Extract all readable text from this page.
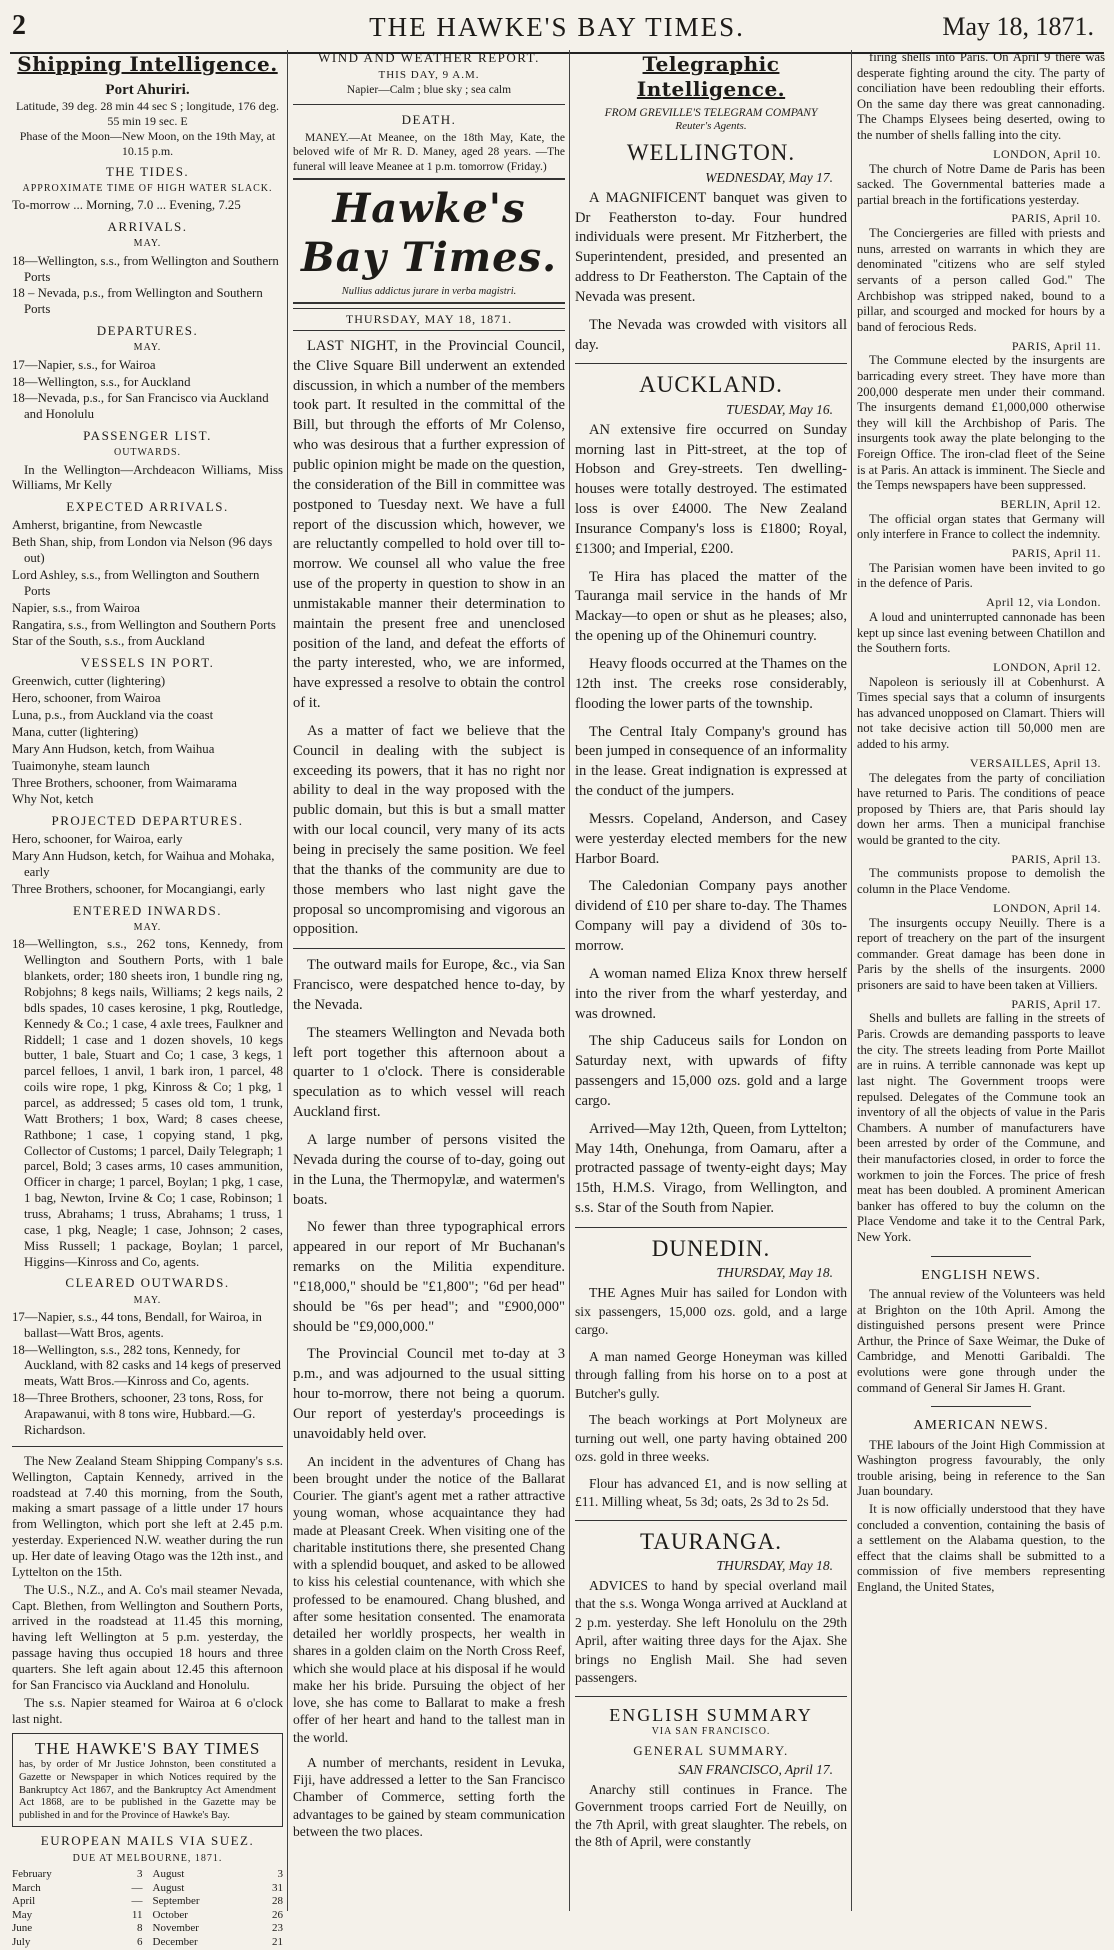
2	THE HAWKE'S BAY TIMES.	May 18, 1871.
Shipping Intelligence.
Port Ahuriri.
Latitude, 39 deg. 28 min 44 sec S ; longitude, 176 deg. 55 min 19 sec. E
Phase of the Moon—New Moon, on the 19th May, at 10.15 p.m.
THE TIDES.
APPROXIMATE TIME OF HIGH WATER SLACK.
To-morrow ... Morning, 7.0 ... Evening, 7.25
ARRIVALS.
MAY.
18—Wellington, s.s., from Wellington and Southern Ports
18 – Nevada, p.s., from Wellington and Southern Ports
DEPARTURES.
MAY.
17—Napier, s.s., for Wairoa
18—Wellington, s.s., for Auckland
18—Nevada, p.s., for San Francisco via Auckland and Honolulu
PASSENGER LIST.
OUTWARDS.
In the Wellington—Archdeacon Williams, Miss Williams, Mr Kelly
EXPECTED ARRIVALS.
Amherst, brigantine, from Newcastle
Beth Shan, ship, from London via Nelson (96 days out)
Lord Ashley, s.s., from Wellington and Southern Ports
Napier, s.s., from Wairoa
Rangatira, s.s., from Wellington and Southern Ports
Star of the South, s.s., from Auckland
VESSELS IN PORT.
Greenwich, cutter (lightering)
Hero, schooner, from Wairoa
Luna, p.s., from Auckland via the coast
Mana, cutter (lightering)
Mary Ann Hudson, ketch, from Waihua
Tuaimonyhe, steam launch
Three Brothers, schooner, from Waimarama
Why Not, ketch
PROJECTED DEPARTURES.
Hero, schooner, for Wairoa, early
Mary Ann Hudson, ketch, for Waihua and Mohaka, early
Three Brothers, schooner, for Mocangiangi, early
ENTERED INWARDS.
MAY.
18—Wellington, s.s., 262 tons, Kennedy, from Wellington and Southern Ports, with 1 bale blankets, order; 180 sheets iron, 1 bundle ring ng, Robjohns; 8 kegs nails, Williams; 2 kegs nails, 2 bdls spades, 10 cases kerosine, 1 pkg, Routledge, Kennedy & Co.; 1 case, 4 axle trees, Faulkner and Riddell; 1 case and 1 dozen shovels, 10 kegs butter, 1 bale, Stuart and Co; 1 case, 3 kegs, 1 parcel felloes, 1 anvil, 1 bark iron, 1 parcel, 48 coils wire rope, 1 pkg, Kinross & Co; 1 pkg, 1 parcel, as addressed; 5 cases old tom, 1 trunk, Watt Brothers; 1 box, Ward; 8 cases cheese, Rathbone; 1 case, 1 copying stand, 1 pkg, Collector of Customs; 1 parcel, Daily Telegraph; 1 parcel, Bold; 3 cases arms, 10 cases ammunition, Officer in charge; 1 parcel, Boylan; 1 pkg, 1 case, 1 bag, Newton, Irvine & Co; 1 case, Robinson; 1 truss, Abrahams; 1 truss, Abrahams; 1 truss, 1 case, 1 pkg, Neagle; 1 case, Johnson; 2 cases, Miss Russell; 1 package, Boylan; 1 parcel, Higgins—Kinross and Co, agents.
CLEARED OUTWARDS.
MAY.
17—Napier, s.s., 44 tons, Bendall, for Wairoa, in ballast—Watt Bros, agents.
18—Wellington, s.s., 282 tons, Kennedy, for Auckland, with 82 casks and 14 kegs of preserved meats, Watt Bros.—Kinross and Co, agents.
18—Three Brothers, schooner, 23 tons, Ross, for Arapawanui, with 8 tons wire, Hubbard.—G. Richardson.
The New Zealand Steam Shipping Company's s.s. Wellington, Captain Kennedy, arrived in the roadstead at 7.40 this morning, from the South, making a smart passage of a little under 17 hours from Wellington, which port she left at 2.45 p.m. yesterday. Experienced N.W. weather during the run up. Her date of leaving Otago was the 12th inst., and Lyttelton on the 15th.
The U.S., N.Z., and A. Co's mail steamer Nevada, Capt. Blethen, from Wellington and Southern Ports, arrived in the roadstead at 11.45 this morning, having left Wellington at 5 p.m. yesterday, the passage having thus occupied 18 hours and three quarters. She left again about 12.45 this afternoon for San Francisco via Auckland and Honolulu.
The s.s. Napier steamed for Wairoa at 6 o'clock last night.
THE HAWKE'S BAY TIMES
has, by order of Mr Justice Johnston, been constituted a Gazette or Newspaper in which Notices required by the Bankruptcy Act 1867, and the Bankruptcy Act Amendment Act 1868, are to be published in the Gazette may be published in and for the Province of Hawke's Bay.
EUROPEAN MAILS VIA SUEZ.
DUE AT MELBOURNE, 1871.
February	3
March	—
April	—
May	11
June	8
July	6
August	3
August	31
September	28
October	26
November	23
December	21
WIND AND WEATHER REPORT.
THIS DAY, 9 A.M.
Napier—Calm ; blue sky ; sea calm
DEATH.
MANEY.—At Meanee, on the 18th May, Kate, the beloved wife of Mr R. D. Maney, aged 28 years. —The funeral will leave Meanee at 1 p.m. tomorrow (Friday.)
Hawke's Bay Times.
Nullius addictus jurare in verba magistri.
THURSDAY, MAY 18, 1871.
LAST NIGHT, in the Provincial Council, the Clive Square Bill underwent an extended discussion, in which a number of the members took part. It resulted in the committal of the Bill, but through the efforts of Mr Colenso, who was desirous that a further expression of public opinion might be made on the question, the consideration of the Bill in committee was postponed to Tuesday next. We have a full report of the discussion which, however, we are reluctantly compelled to hold over till to-morrow. We counsel all who value the free use of the property in question to show in an unmistakable manner their determination to maintain the present free and unenclosed position of the land, and defeat the efforts of the party interested, who, we are informed, have expressed a resolve to obtain the control of it.
As a matter of fact we believe that the Council in dealing with the subject is exceeding its powers, that it has no right nor ability to deal in the way proposed with the public domain, but this is but a small matter with our local council, very many of its acts being in precisely the same position. We feel that the thanks of the community are due to those members who last night gave the proposal so uncompromising and vigorous an opposition.
The outward mails for Europe, &c., via San Francisco, were despatched hence to-day, by the Nevada.
The steamers Wellington and Nevada both left port together this afternoon about a quarter to 1 o'clock. There is considerable speculation as to which vessel will reach Auckland first.
A large number of persons visited the Nevada during the course of to-day, going out in the Luna, the Thermopylæ, and watermen's boats.
No fewer than three typographical errors appeared in our report of Mr Buchanan's remarks on the Militia expenditure. "£18,000," should be "£1,800"; "6d per head" should be "6s per head"; and "£900,000" should be "£9,000,000."
The Provincial Council met to-day at 3 p.m., and was adjourned to the usual sitting hour to-morrow, there not being a quorum. Our report of yesterday's proceedings is unavoidably held over.
An incident in the adventures of Chang has been brought under the notice of the Ballarat Courier. The giant's agent met a rather attractive young woman, whose acquaintance they had made at Pleasant Creek. When visiting one of the charitable institutions there, she presented Chang with a splendid bouquet, and asked to be allowed to kiss his celestial countenance, with which she professed to be enamoured. Chang blushed, and after some hesitation consented. The enamorata detailed her worldly prospects, her wealth in shares in a golden claim on the North Cross Reef, which she would place at his disposal if he would make her his bride. Pursuing the object of her love, she has come to Ballarat to make a fresh offer of her heart and hand to the tallest man in the world.
A number of merchants, resident in Levuka, Fiji, have addressed a letter to the San Francisco Chamber of Commerce, setting forth the advantages to be gained by steam communication between the two places.
Telegraphic Intelligence.
FROM GREVILLE'S TELEGRAM COMPANY
Reuter's Agents.
WELLINGTON.
WEDNESDAY, May 17.
A MAGNIFICENT banquet was given to Dr Featherston to-day. Four hundred individuals were present. Mr Fitzherbert, the Superintendent, presided, and presented an address to Dr Featherston. The Captain of the Nevada was present.
The Nevada was crowded with visitors all day.
AUCKLAND.
TUESDAY, May 16.
AN extensive fire occurred on Sunday morning last in Pitt-street, at the top of Hobson and Grey-streets. Ten dwelling-houses were totally destroyed. The estimated loss is over £4000. The New Zealand Insurance Company's loss is £1800; Royal, £1300; and Imperial, £200.
Te Hira has placed the matter of the Tauranga mail service in the hands of Mr Mackay—to open or shut as he pleases; also, the opening up of the Ohinemuri country.
Heavy floods occurred at the Thames on the 12th inst. The creeks rose considerably, flooding the lower parts of the township.
The Central Italy Company's ground has been jumped in consequence of an informality in the lease. Great indignation is expressed at the conduct of the jumpers.
Messrs. Copeland, Anderson, and Casey were yesterday elected members for the new Harbor Board.
The Caledonian Company pays another dividend of £10 per share to-day. The Thames Company will pay a dividend of 30s to-morrow.
A woman named Eliza Knox threw herself into the river from the wharf yesterday, and was drowned.
The ship Caduceus sails for London on Saturday next, with upwards of fifty passengers and 15,000 ozs. gold and a large cargo.
Arrived—May 12th, Queen, from Lyttelton; May 14th, Onehunga, from Oamaru, after a protracted passage of twenty-eight days; May 15th, H.M.S. Virago, from Wellington, and s.s. Star of the South from Napier.
DUNEDIN.
THURSDAY, May 18.
THE Agnes Muir has sailed for London with six passengers, 15,000 ozs. gold, and a large cargo.
A man named George Honeyman was killed through falling from his horse on to a post at Butcher's gully.
The beach workings at Port Molyneux are turning out well, one party having obtained 200 ozs. gold in three weeks.
Flour has advanced £1, and is now selling at £11. Milling wheat, 5s 3d; oats, 2s 3d to 2s 5d.
TAURANGA.
THURSDAY, May 18.
ADVICES to hand by special overland mail that the s.s. Wonga Wonga arrived at Auckland at 2 p.m. yesterday. She left Honolulu on the 29th April, after waiting three days for the Ajax. She brings no English Mail. She had seven passengers.
ENGLISH SUMMARY
VIA SAN FRANCISCO.
GENERAL SUMMARY.
SAN FRANCISCO, April 17.
Anarchy still continues in France. The Government troops carried Fort de Neuilly, on the 7th April, with great slaughter. The rebels, on the 8th of April, were constantly
firing shells into Paris. On April 9 there was desperate fighting around the city. The party of conciliation have been redoubling their efforts. On the same day there was great cannonading. The Champs Elysees being deserted, owing to the number of shells falling into the city.
LONDON, April 10.
The church of Notre Dame de Paris has been sacked. The Governmental batteries made a partial breach in the fortifications yesterday.
PARIS, April 10.
The Conciergeries are filled with priests and nuns, arrested on warrants in which they are denominated "citizens who are self styled servants of a person called God." The Archbishop was stripped naked, bound to a pillar, and scourged and mocked for hours by a band of ferocious Reds.
PARIS, April 11.
The Commune elected by the insurgents are barricading every street. They have more than 200,000 desperate men under their command. The insurgents demand £1,000,000 otherwise they will kill the Archbishop of Paris. The insurgents took away the plate belonging to the Foreign Office. The iron-clad fleet of the Seine is at Paris. An attack is imminent. The Siecle and the Temps newspapers have been suppressed.
BERLIN, April 12.
The official organ states that Germany will only interfere in France to collect the indemnity.
PARIS, April 11.
The Parisian women have been invited to go in the defence of Paris.
April 12, via London.
A loud and uninterrupted cannonade has been kept up since last evening between Chatillon and the Southern forts.
LONDON, April 12.
Napoleon is seriously ill at Cobenhurst. A Times special says that a column of insurgents has advanced unopposed on Clamart. Thiers will not take decisive action till 50,000 men are added to his army.
VERSAILLES, April 13.
The delegates from the party of conciliation have returned to Paris. The conditions of peace proposed by Thiers are, that Paris should lay down her arms. Then a municipal franchise would be granted to the city.
PARIS, April 13.
The communists propose to demolish the column in the Place Vendome.
LONDON, April 14.
The insurgents occupy Neuilly. There is a report of treachery on the part of the insurgent commander. Great damage has been done in Paris by the shells of the insurgents. 2000 prisoners are said to have been taken at Villiers.
PARIS, April 17.
Shells and bullets are falling in the streets of Paris. Crowds are demanding passports to leave the city. The streets leading from Porte Maillot are in ruins. A terrible cannonade was kept up last night. The Government troops were repulsed. Delegates of the Commune took an inventory of all the objects of value in the Paris Chambers. A number of manufacturers have been arrested by order of the Commune, and their manufactories closed, in order to force the workmen to join the Forces. The price of fresh meat has been doubled. A prominent American banker has offered to buy the column on the Place Vendome and take it to the Central Park, New York.
ENGLISH NEWS.
The annual review of the Volunteers was held at Brighton on the 10th April. Among the distinguished persons present were Prince Arthur, the Prince of Saxe Weimar, the Duke of Cambridge, and Menotti Garibaldi. The evolutions were gone through under the command of General Sir James H. Grant.
AMERICAN NEWS.
THE labours of the Joint High Commission at Washington progress favourably, the only trouble arising, being in reference to the San Juan boundary.
It is now officially understood that they have concluded a convention, containing the basis of a settlement on the Alabama question, to the effect that the claims shall be submitted to a commission of five members representing England, the United States,
